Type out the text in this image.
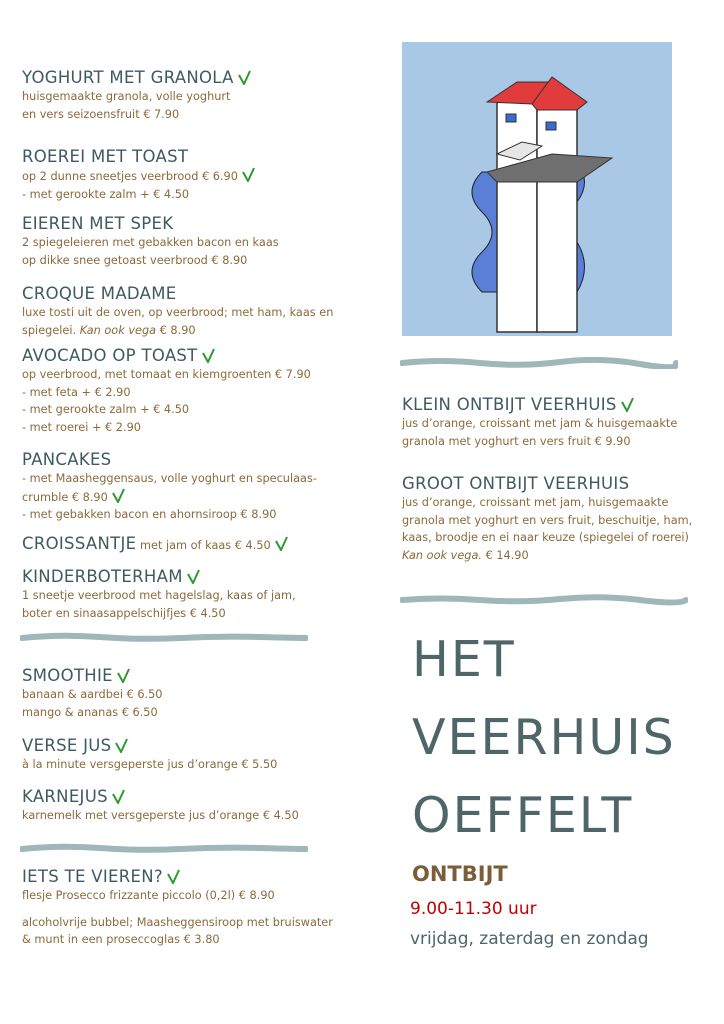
YOGHURT MET GRANOLA
huisgemaakte granola, volle yoghurt
en vers seizoensfruit € 7.90
ROEREI MET TOAST
op 2 dunne sneetjes veerbrood € 6.90
- met gerookte zalm + € 4.50
EIEREN MET SPEK
2 spiegeleieren met gebakken bacon en kaas
op dikke snee getoast veerbrood € 8.90
CROQUE MADAME
luxe tosti uit de oven, op veerbrood; met ham, kaas en
spiegelei. Kan ook vega € 8.90
AVOCADO OP TOAST
op veerbrood, met tomaat en kiemgroenten € 7.90
- met feta + € 2.90
- met gerookte zalm + € 4.50
- met roerei + € 2.90
PANCAKES
- met Maasheggensaus, volle yoghurt en speculaas-
crumble € 8.90
- met gebakken bacon en ahornsiroop € 8.90
CROISSANTJE met jam of kaas € 4.50
KINDERBOTERHAM
1 sneetje veerbrood met hagelslag, kaas of jam,
boter en sinaasappelschijfjes € 4.50
SMOOTHIE
banaan & aardbei € 6.50
mango & ananas € 6.50
VERSE JUS
à la minute versgeperste jus d’orange € 5.50
KARNEJUS
karnemelk met versgeperste jus d’orange € 4.50
IETS TE VIEREN?
flesje Prosecco frizzante piccolo (0,2l) € 8.90
alcoholvrije bubbel; Maasheggensiroop met bruiswater
& munt in een proseccoglas € 3.80
KLEIN ONTBIJT VEERHUIS
jus d’orange, croissant met jam & huisgemaakte
granola met yoghurt en vers fruit € 9.90
GROOT ONTBIJT VEERHUIS
jus d’orange, croissant met jam, huisgemaakte
granola met yoghurt en vers fruit, beschuitje, ham,
kaas, broodje en ei naar keuze (spiegelei of roerei)
Kan ook vega. € 14.90
HET
VEERHUIS
OEFFELT
ONTBIJT
9.00-11.30 uur
vrijdag, zaterdag en zondag
